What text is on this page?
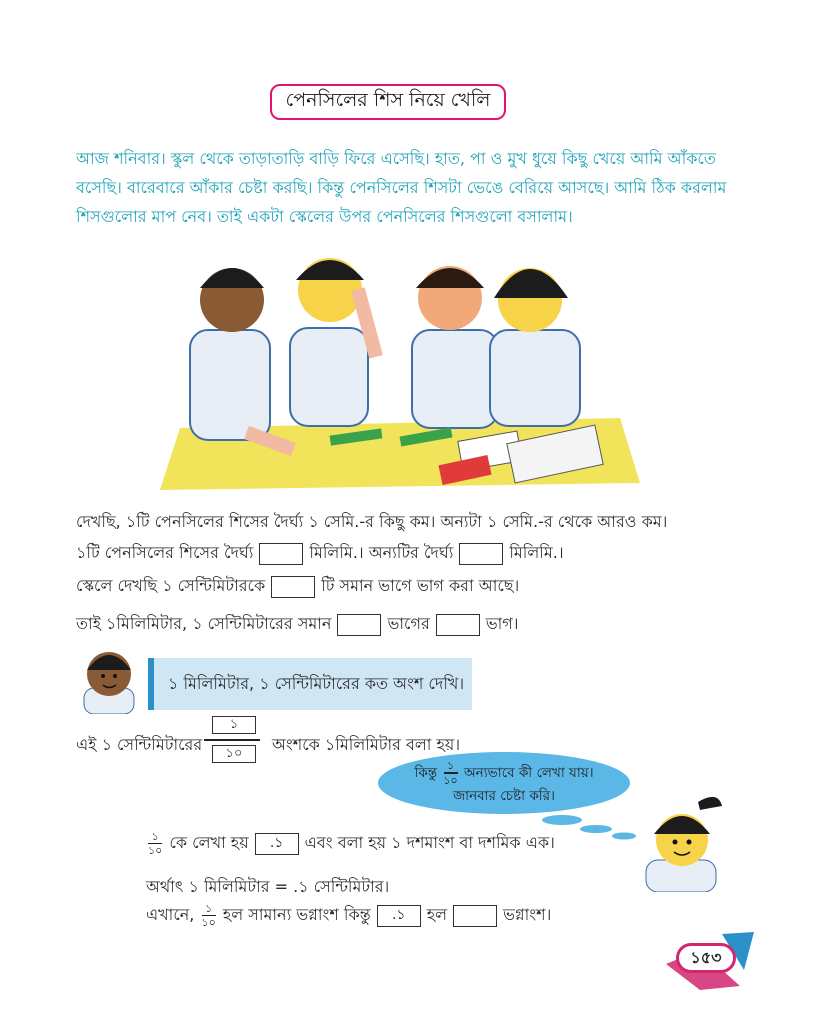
পেনসিলের শিস নিয়ে খেলি
আজ শনিবার। স্কুল থেকে তাড়াতাড়ি বাড়ি ফিরে এসেছি। হাত, পা ও মুখ ধুয়ে কিছু খেয়ে আমি আঁকতে বসেছি। বারেবারে আঁকার চেষ্টা করছি। কিন্তু পেনসিলের শিসটা ভেঙে বেরিয়ে আসছে। আমি ঠিক করলাম শিসগুলোর মাপ নেব। তাই একটা স্কেলের উপর পেনসিলের শিসগুলো বসালাম।
দেখছি, ১টি পেনসিলের শিসের দৈর্ঘ্য ১ সেমি.-র কিছু কম। অন্যটা ১ সেমি.-র থেকে আরও কম।
১টি পেনসিলের শিসের দৈর্ঘ্য	মিলিমি.। অন্যটির দৈর্ঘ্য	মিলিমি.।
স্কেলে দেখছি ১ সেন্টিমিটারকে	টি সমান ভাগে ভাগ করা আছে।
তাই ১মিলিমিটার, ১ সেন্টিমিটারের সমান	ভাগের	ভাগ।
১ মিলিমিটার, ১ সেন্টিমিটারের কত অংশ দেখি।
এই ১ সেন্টিমিটারের
১
১০	অংশকে ১মিলিমিটার বলা হয়।
কিন্তু $\frac{১}{১০}$ অন্যভাবে কী লেখা যায়।
জানবার চেষ্টা করি।
$\frac{১}{১০}$ কে লেখা হয় .১ এবং বলা হয় ১ দশমাংশ বা দশমিক এক।
অর্থাৎ ১ মিলিমিটার = .১ সেন্টিমিটার।
এখানে, $\frac{১}{১০}$ হল সামান্য ভগ্নাংশ কিন্তু .১ হল	ভগ্নাংশ।
১৫৩
